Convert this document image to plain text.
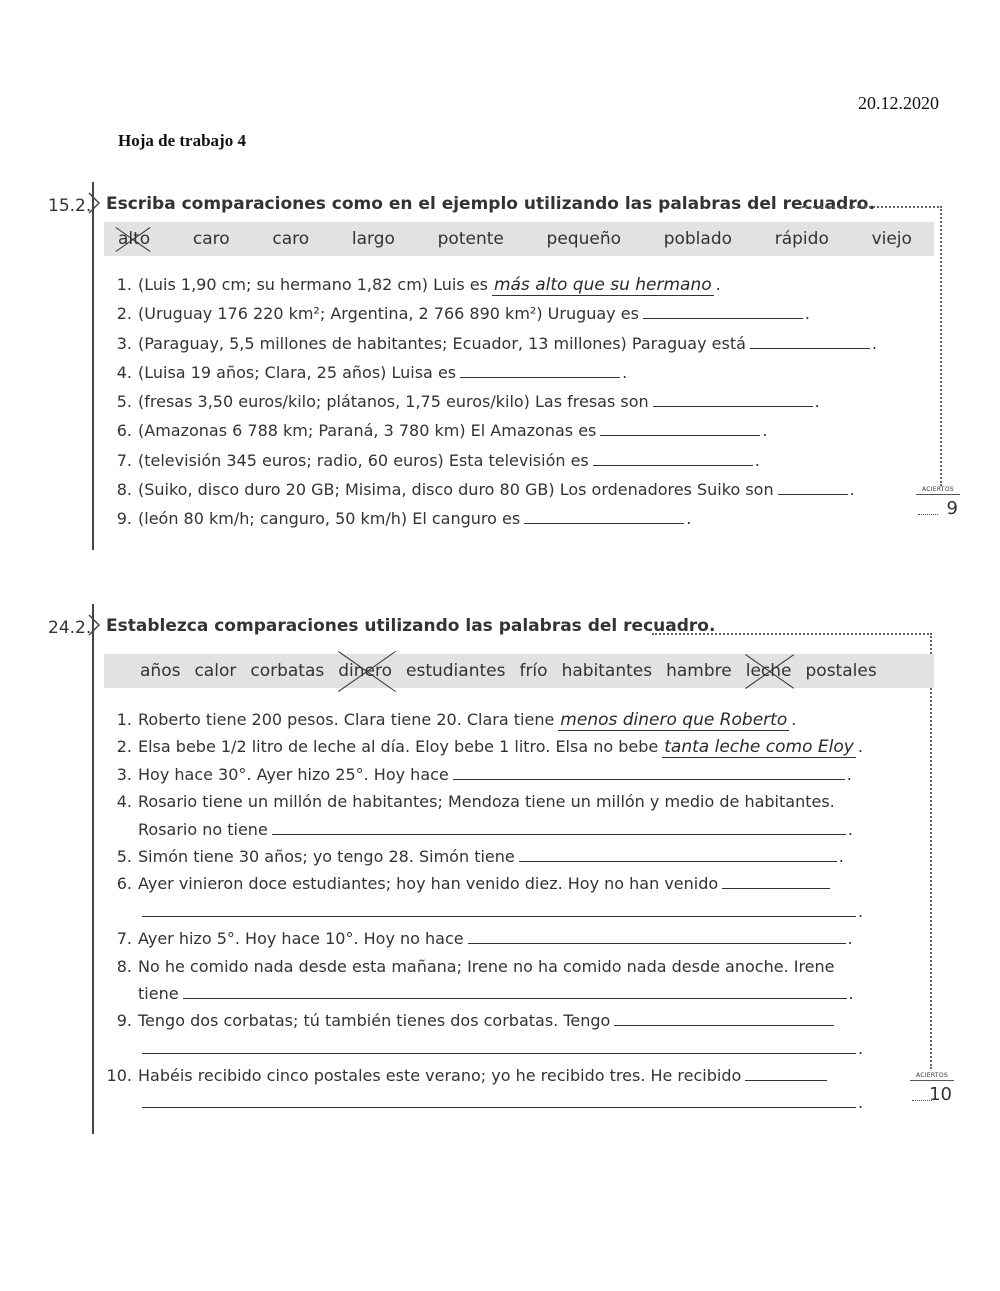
20.12.2020
Hoja de trabajo 4
15.2. Escriba comparaciones como en el ejemplo utilizando las palabras del recuadro.
alto	caro	caro	largo	potente	pequeño	poblado	rápido	viejo
1. (Luis 1,90 cm; su hermano 1,82 cm) Luis es más alto que su hermano .
2. (Uruguay 176 220 km²; Argentina, 2 766 890 km²) Uruguay es	.
3. (Paraguay, 5,5 millones de habitantes; Ecuador, 13 millones) Paraguay está	.
4. (Luisa 19 años; Clara, 25 años) Luisa es	.
5. (fresas 3,50 euros/kilo; plátanos, 1,75 euros/kilo) Las fresas son	.
6. (Amazonas 6 788 km; Paraná, 3 780 km) El Amazonas es	.
7. (televisión 345 euros; radio, 60 euros) Esta televisión es	.
8. (Suiko, disco duro 20 GB; Misima, disco duro 80 GB) Los ordenadores Suiko son	.
9. (león 80 km/h; canguro, 50 km/h) El canguro es	.
ACIERTOS
9
24.2. Establezca comparaciones utilizando las palabras del recuadro.
años calor corbatas dinero estudiantes frío habitantes hambre leche postales
1. Roberto tiene 200 pesos. Clara tiene 20. Clara tiene menos dinero que Roberto .
2. Elsa bebe 1/2 litro de leche al día. Eloy bebe 1 litro. Elsa no bebe tanta leche como Eloy .
3. Hoy hace 30°. Ayer hizo 25°. Hoy hace	.
4. Rosario tiene un millón de habitantes; Mendoza tiene un millón y medio de habitantes.
Rosario no tiene	.
5. Simón tiene 30 años; yo tengo 28. Simón tiene	.
6. Ayer vinieron doce estudiantes; hoy han venido diez. Hoy no han venido
.
7. Ayer hizo 5°. Hoy hace 10°. Hoy no hace	.
8. No he comido nada desde esta mañana; Irene no ha comido nada desde anoche. Irene
tiene	.
9. Tengo dos corbatas; tú también tienes dos corbatas. Tengo
.
10. Habéis recibido cinco postales este verano; yo he recibido tres. He recibido
.
ACIERTOS
10
